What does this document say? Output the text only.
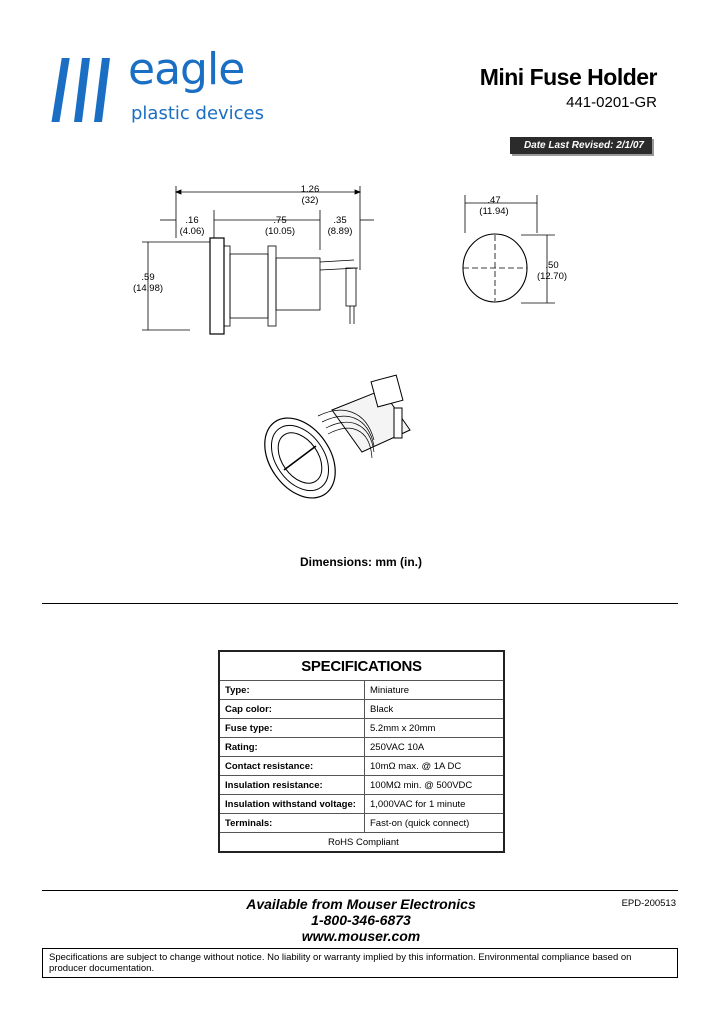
eagle
plastic devices
Mini Fuse Holder
441-0201-GR
Date Last Revised: 2/1/07
1.26
(32)
.16
(4.06)
.75
(10.05)
.35
(8.89)
.59
(14.98)
.47
(11.94)
.50
(12.70)
Dimensions: mm (in.)
SPECIFICATIONS	
Type:	Miniature
Cap color:	Black
Fuse type:	5.2mm x 20mm
Rating:	250VAC 10A
Contact resistance:	10mΩ max. @ 1A DC
Insulation resistance:	100MΩ min. @ 500VDC
Insulation withstand voltage:	1,000VAC for 1 minute
Terminals:	Fast-on (quick connect)
RoHS Compliant	
Available from Mouser Electronics
1-800-346-6873
www.mouser.com
EPD-200513
Specifications are subject to change without notice. No liability or warranty implied by this information. Environmental compliance based on producer documentation.
